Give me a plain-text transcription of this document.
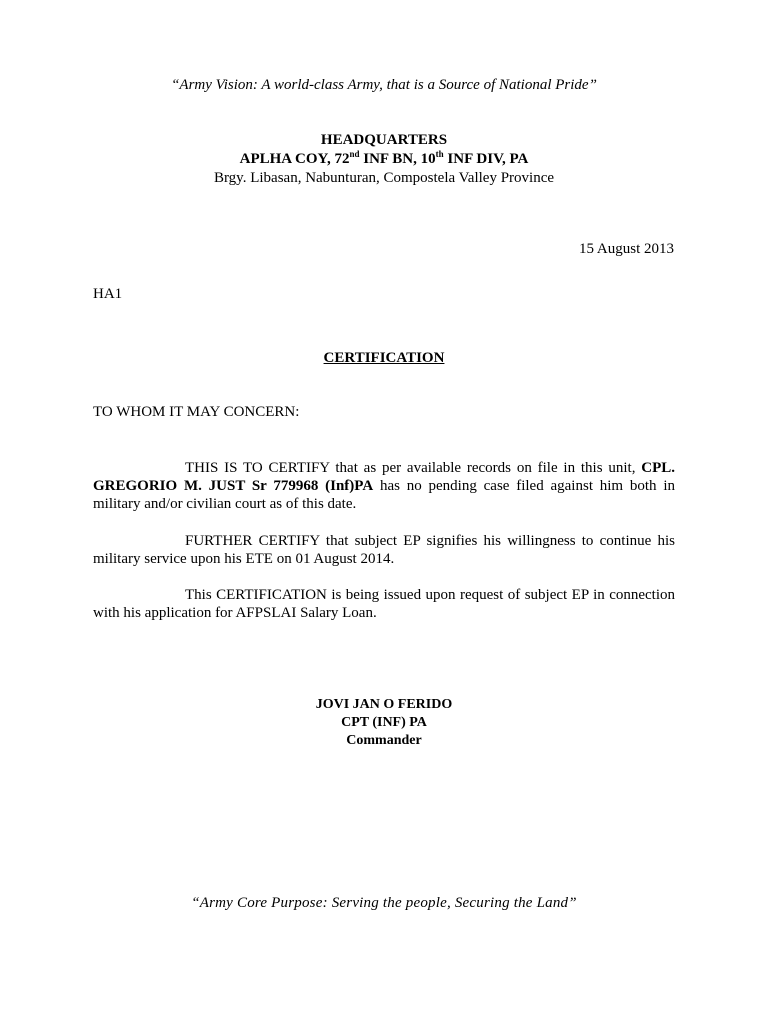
“Army Vision: A world-class Army, that is a Source of National Pride”
HEADQUARTERS
APLHA COY, 72nd INF BN, 10th INF DIV, PA
Brgy. Libasan, Nabunturan, Compostela Valley Province
15 August 2013
HA1
CERTIFICATION
TO WHOM IT MAY CONCERN:
THIS IS TO CERTIFY that as per available records on file in this unit, CPL. GREGORIO M. JUST Sr 779968 (Inf)PA has no pending case filed against him both in military and/or civilian court as of this date.
FURTHER CERTIFY that subject EP signifies his willingness to continue his military service upon his ETE on 01 August 2014.
This CERTIFICATION is being issued upon request of subject EP in connection with his application for AFPSLAI Salary Loan.
JOVI JAN O FERIDO
CPT (INF) PA
Commander
“Army Core Purpose: Serving the people, Securing the Land”
